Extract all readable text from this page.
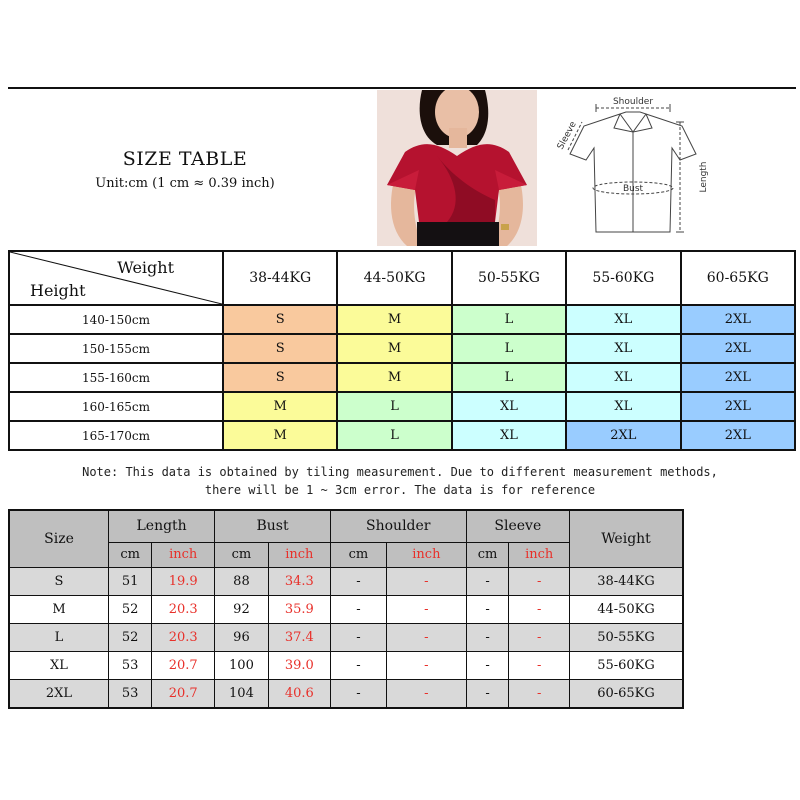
SIZE TABLE
Unit:cm (1 cm ≈ 0.39 inch)
Shoulder
Sleeve
Bust	Length
Weight
Height	38-44KG	44-50KG	50-55KG	55-60KG	60-65KG
140-150cm	S	M	L	XL	2XL
150-155cm	S	M	L	XL	2XL
155-160cm	S	M	L	XL	2XL
160-165cm	M	L	XL	XL	2XL
165-170cm	M	L	XL	2XL	2XL
Note: This data is obtained by tiling measurement. Due to different measurement methods,
there will be 1 ~ 3cm error. The data is for reference
Size	Length		Bust		Shoulder		Sleeve		Weight
	cm	inch	cm	inch	cm	inch	cm	inch	
S	51	19.9	88	34.3	-	-	-	-	38-44KG
M	52	20.3	92	35.9	-	-	-	-	44-50KG
L	52	20.3	96	37.4	-	-	-	-	50-55KG
XL	53	20.7	100	39.0	-	-	-	-	55-60KG
2XL	53	20.7	104	40.6	-	-	-	-	60-65KG
